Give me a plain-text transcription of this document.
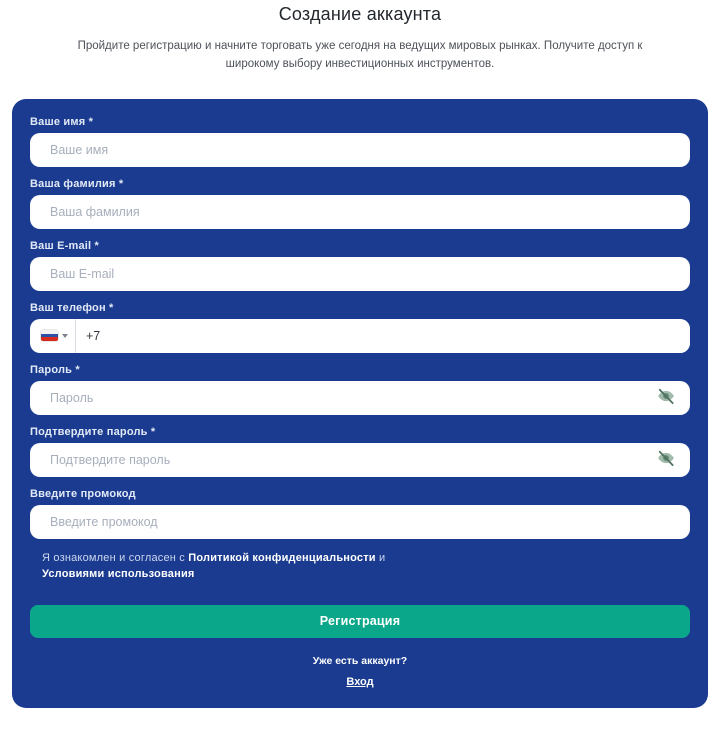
Создание аккаунта

Пройдите регистрацию и начните торговать уже сегодня на ведущих мировых рынках. Получите доступ к широкому выбору инвестиционных инструментов.

Ваше имя *
Ваше имя
Ваша фамилия *
Ваша фамилия
Ваш E-mail *
Ваш E-mail
Ваш телефон *
+7
Пароль *
Подтвердите пароль *
Введите промокод
Введите промокод

Я ознакомлен и согласен с Политикой конфиденциальности и Условиями использования

Регистрация

Уже есть аккаунт?

Вход
